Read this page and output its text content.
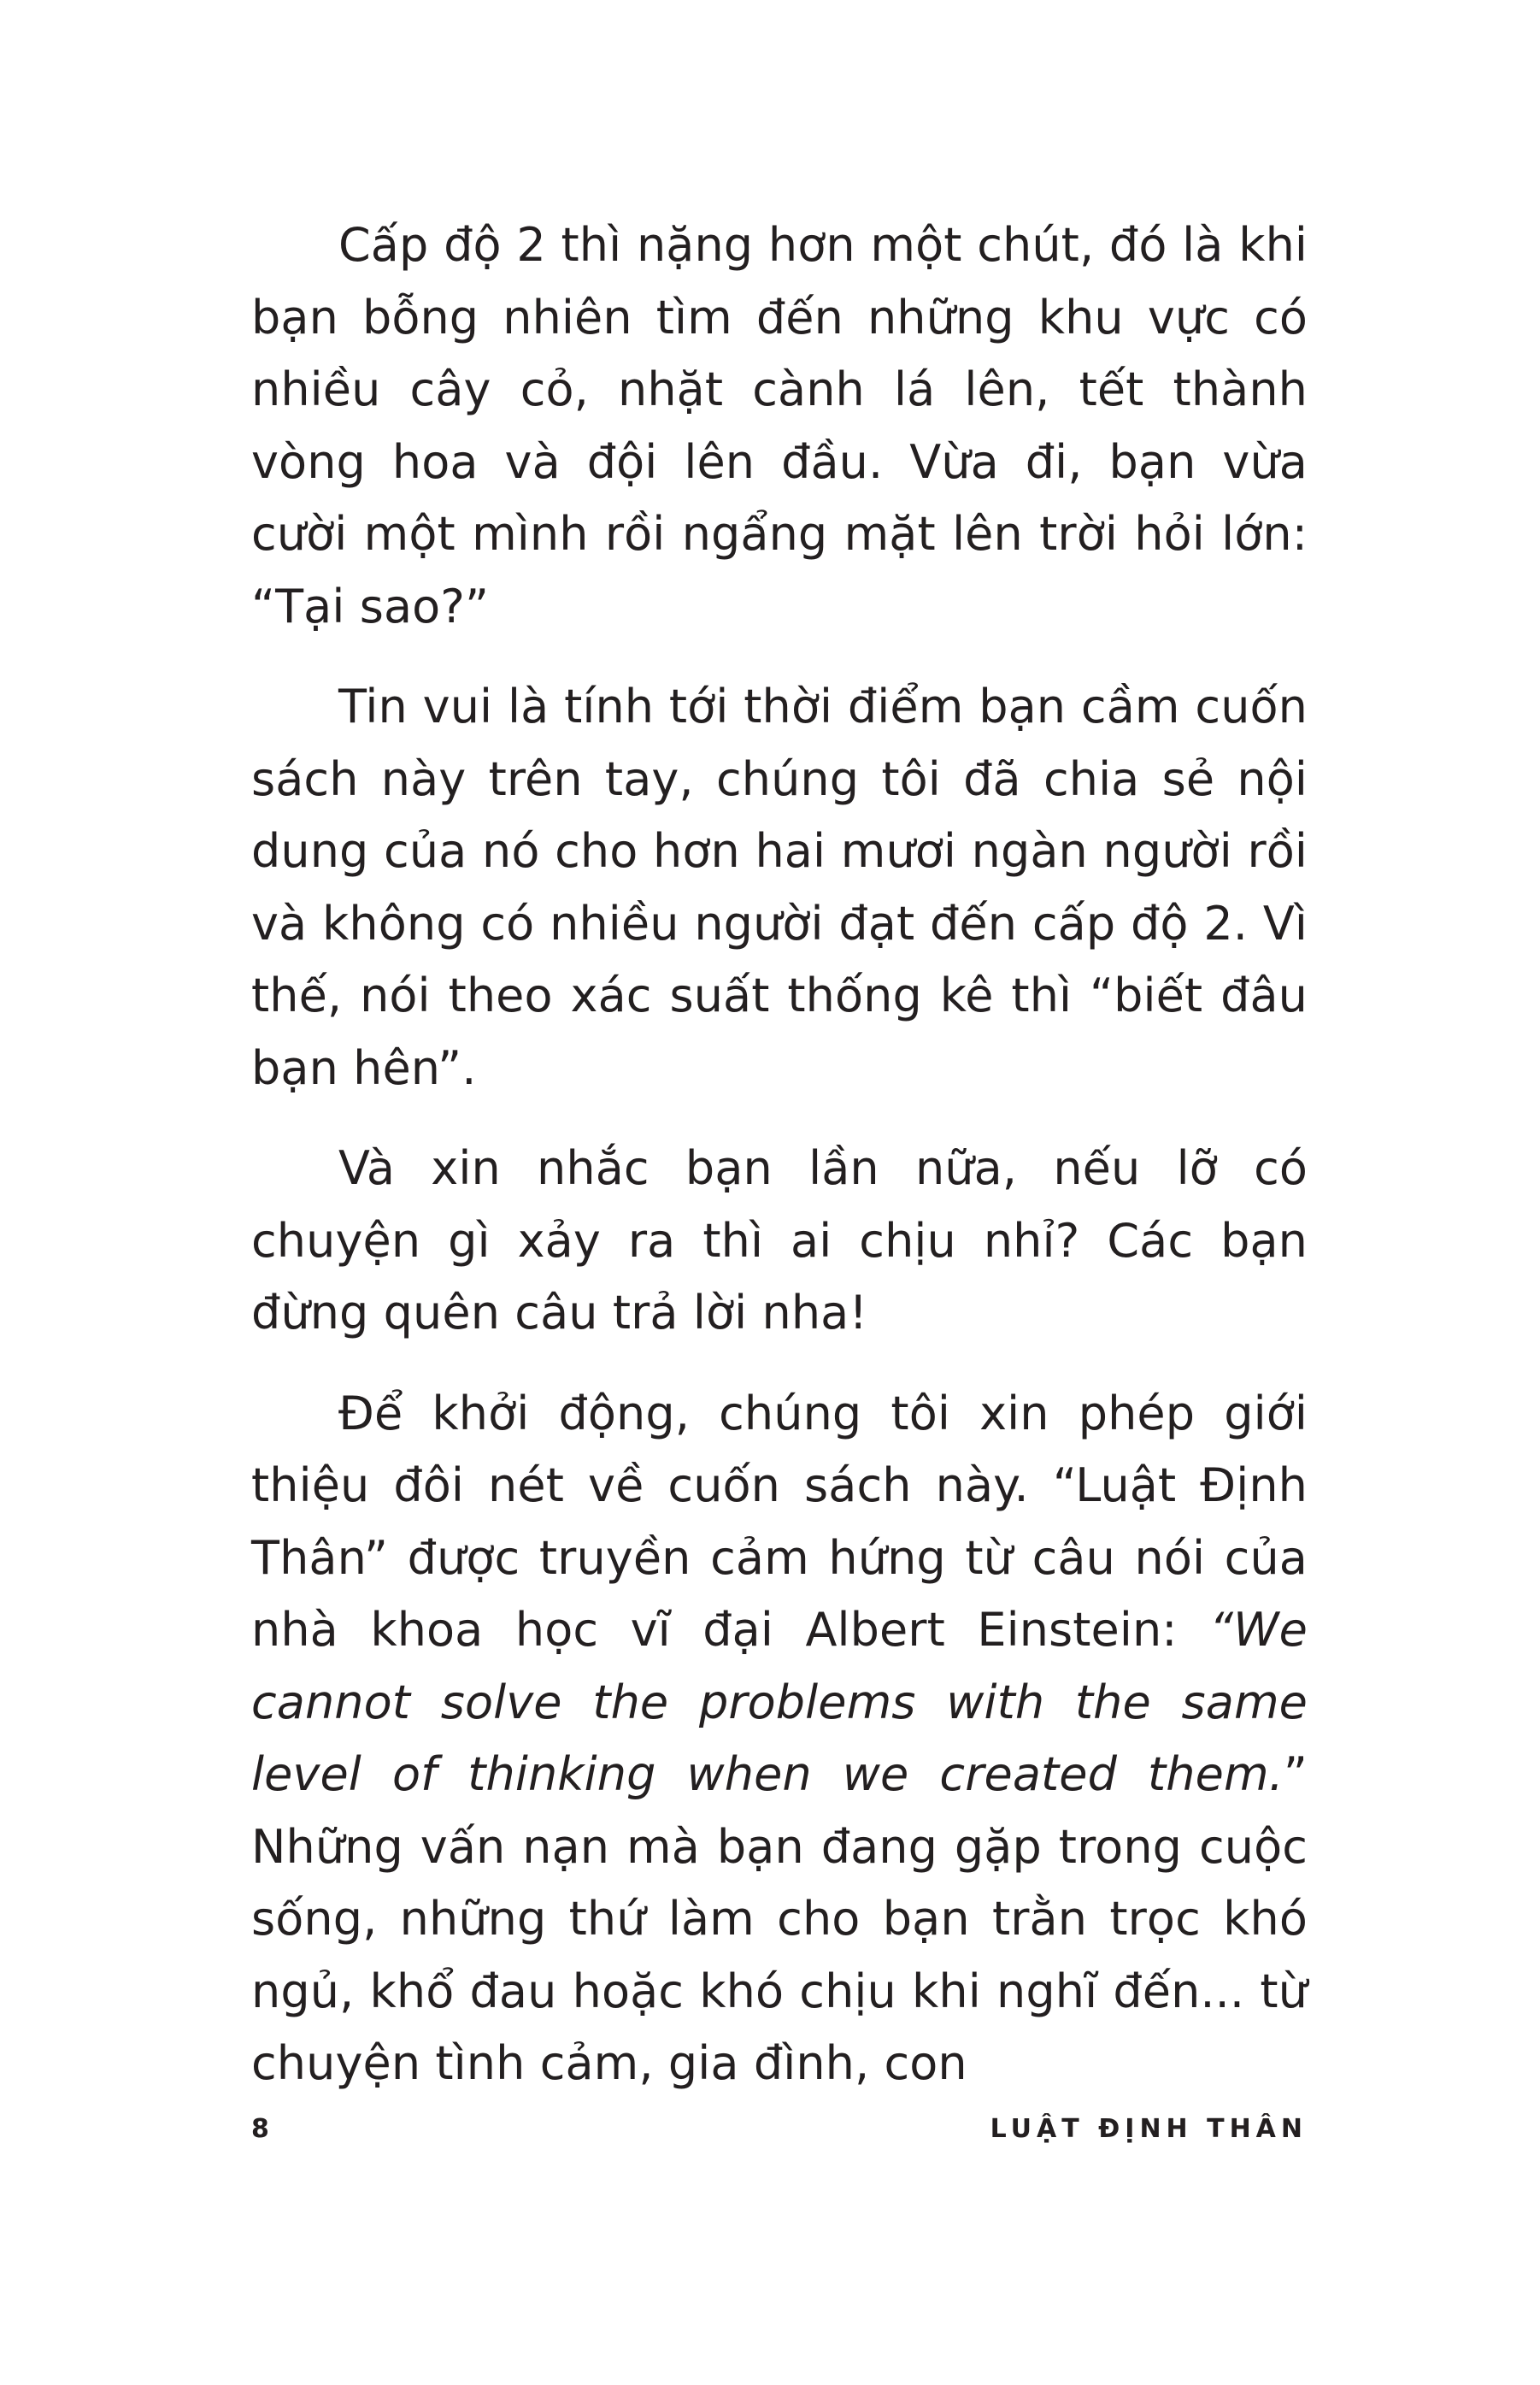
Cấp độ 2 thì nặng hơn một chút, đó là khi bạn bỗng nhiên tìm đến những khu vực có nhiều cây cỏ, nhặt cành lá lên, tết thành vòng hoa và đội lên đầu. Vừa đi, bạn vừa cười một mình rồi ngẩng mặt lên trời hỏi lớn: “Tại sao?”

Tin vui là tính tới thời điểm bạn cầm cuốn sách này trên tay, chúng tôi đã chia sẻ nội dung của nó cho hơn hai mươi ngàn người rồi và không có nhiều người đạt đến cấp độ 2. Vì thế, nói theo xác suất thống kê thì “biết đâu bạn hên”.

Và xin nhắc bạn lần nữa, nếu lỡ có chuyện gì xảy ra thì ai chịu nhỉ? Các bạn đừng quên câu trả lời nha!

Để khởi động, chúng tôi xin phép giới thiệu đôi nét về cuốn sách này. “Luật Định Thân” được truyền cảm hứng từ câu nói của nhà khoa học vĩ đại Albert Einstein: “We cannot solve the problems with the same level of thinking when we created them.” Những vấn nạn mà bạn đang gặp trong cuộc sống, những thứ làm cho bạn trằn trọc khó ngủ, khổ đau hoặc khó chịu khi nghĩ đến... từ chuyện tình cảm, gia đình, con

8	LUẬT ĐỊNH THÂN
